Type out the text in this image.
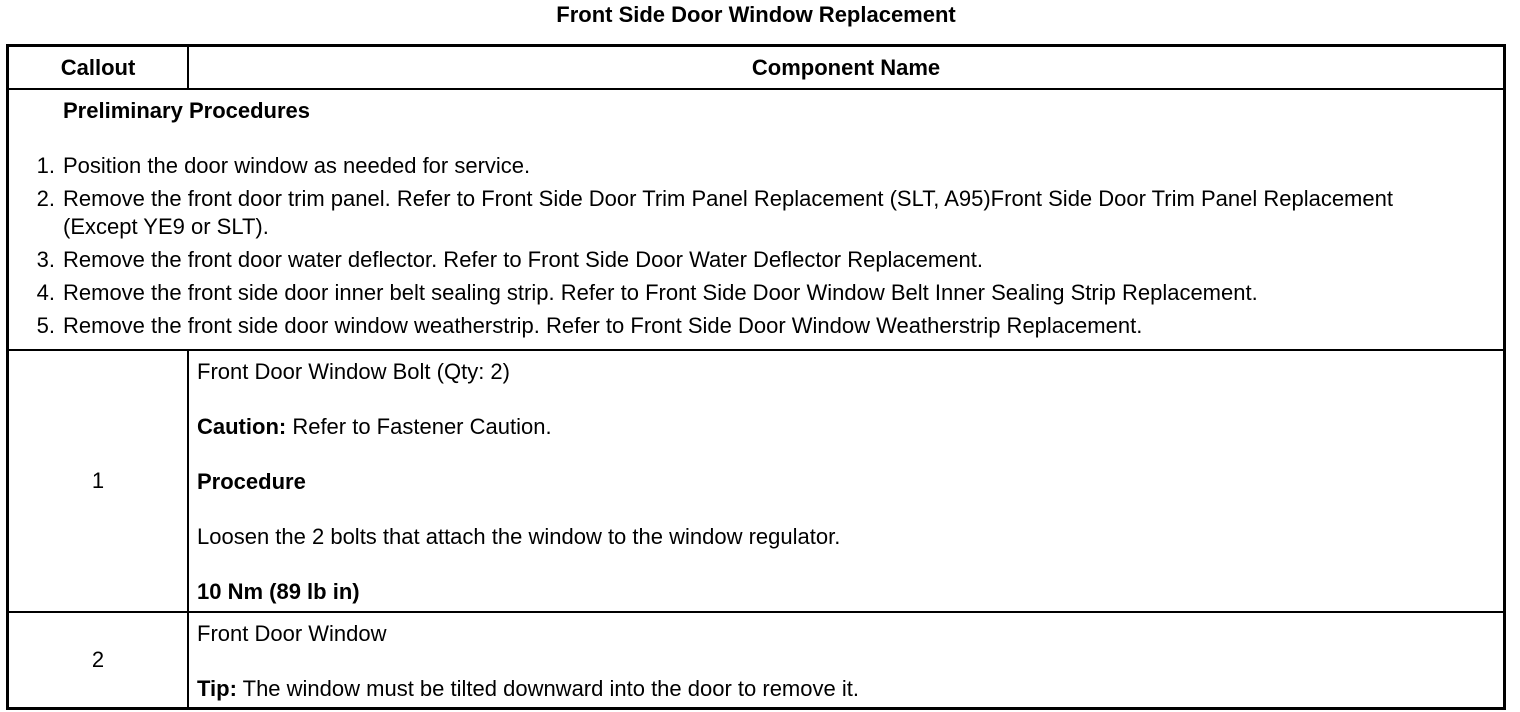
Front Side Door Window Replacement
Callout	Component Name
Preliminary Procedures
1. Position the door window as needed for service.
2. Remove the front door trim panel. Refer to Front Side Door Trim Panel Replacement (SLT, A95)Front Side Door Trim Panel Replacement (Except YE9 or SLT).
3. Remove the front door water deflector. Refer to Front Side Door Water Deflector Replacement.
4. Remove the front side door inner belt sealing strip. Refer to Front Side Door Window Belt Inner Sealing Strip Replacement.
5. Remove the front side door window weatherstrip. Refer to Front Side Door Window Weatherstrip Replacement.
1

Front Door Window Bolt (Qty: 2)

Caution: Refer to Fastener Caution.

Procedure

Loosen the 2 bolts that attach the window to the window regulator.

10 Nm (89 lb in)

2

Front Door Window

Tip: The window must be tilted downward into the door to remove it.
